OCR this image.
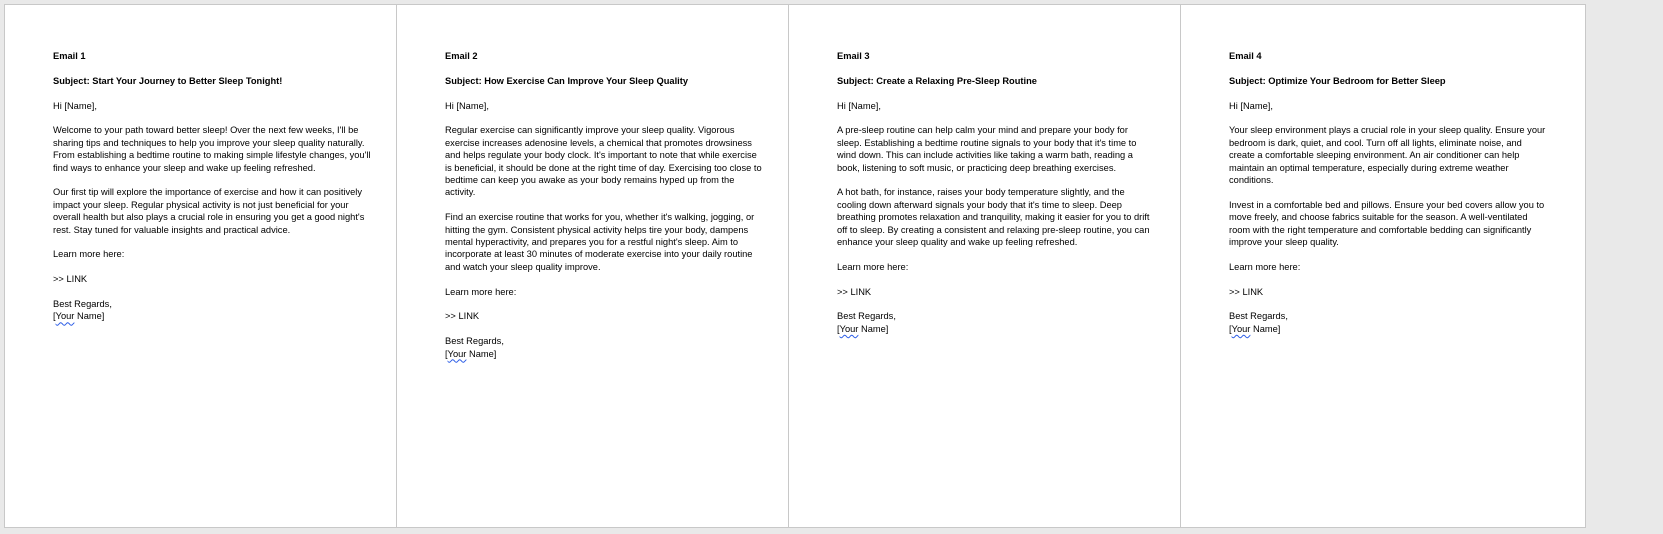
Email 1

Subject: Start Your Journey to Better Sleep Tonight!

Hi [Name],

Welcome to your path toward better sleep! Over the next few weeks, I'll be sharing tips and techniques to help you improve your sleep quality naturally. From establishing a bedtime routine to making simple lifestyle changes, you'll find ways to enhance your sleep and wake up feeling refreshed.

Our first tip will explore the importance of exercise and how it can positively impact your sleep. Regular physical activity is not just beneficial for your overall health but also plays a crucial role in ensuring you get a good night's rest. Stay tuned for valuable insights and practical advice.

Learn more here:

>> LINK

Best Regards,
[Your Name]

Email 2

Subject: How Exercise Can Improve Your Sleep Quality

Hi [Name],

Regular exercise can significantly improve your sleep quality. Vigorous exercise increases adenosine levels, a chemical that promotes drowsiness and helps regulate your body clock. It's important to note that while exercise is beneficial, it should be done at the right time of day. Exercising too close to bedtime can keep you awake as your body remains hyped up from the activity.

Find an exercise routine that works for you, whether it's walking, jogging, or hitting the gym. Consistent physical activity helps tire your body, dampens mental hyperactivity, and prepares you for a restful night's sleep. Aim to incorporate at least 30 minutes of moderate exercise into your daily routine and watch your sleep quality improve.

Learn more here:

>> LINK

Best Regards,
[Your Name]

Email 3

Subject: Create a Relaxing Pre-Sleep Routine

Hi [Name],

A pre-sleep routine can help calm your mind and prepare your body for sleep. Establishing a bedtime routine signals to your body that it's time to wind down. This can include activities like taking a warm bath, reading a book, listening to soft music, or practicing deep breathing exercises.

A hot bath, for instance, raises your body temperature slightly, and the cooling down afterward signals your body that it's time to sleep. Deep breathing promotes relaxation and tranquility, making it easier for you to drift off to sleep. By creating a consistent and relaxing pre-sleep routine, you can enhance your sleep quality and wake up feeling refreshed.

Learn more here:

>> LINK

Best Regards,
[Your Name]

Email 4

Subject: Optimize Your Bedroom for Better Sleep

Hi [Name],

Your sleep environment plays a crucial role in your sleep quality. Ensure your bedroom is dark, quiet, and cool. Turn off all lights, eliminate noise, and create a comfortable sleeping environment. An air conditioner can help maintain an optimal temperature, especially during extreme weather conditions.

Invest in a comfortable bed and pillows. Ensure your bed covers allow you to move freely, and choose fabrics suitable for the season. A well-ventilated room with the right temperature and comfortable bedding can significantly improve your sleep quality.

Learn more here:

>> LINK

Best Regards,
[Your Name]
